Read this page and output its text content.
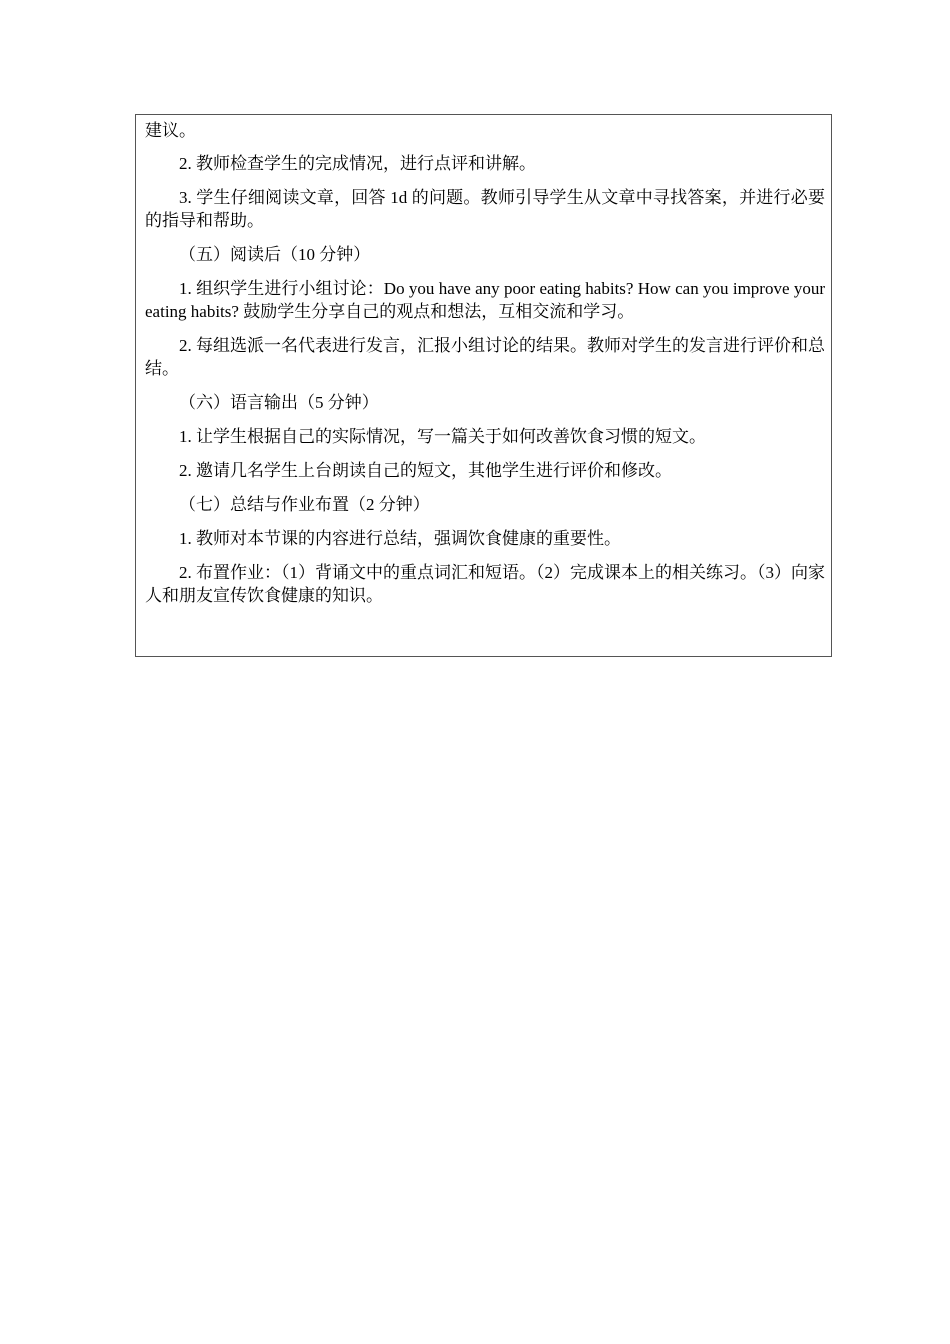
建议。

2. 教师检查学生的完成情况，进行点评和讲解。

3. 学生仔细阅读文章，回答 1d 的问题。教师引导学生从文章中寻找答案，并进行必要的指导和帮助。

（五）阅读后（10 分钟）

1. 组织学生进行小组讨论：Do you have any poor eating habits? How can you improve your eating habits? 鼓励学生分享自己的观点和想法，互相交流和学习。

2. 每组选派一名代表进行发言，汇报小组讨论的结果。教师对学生的发言进行评价和总结。

（六）语言输出（5 分钟）

1. 让学生根据自己的实际情况，写一篇关于如何改善饮食习惯的短文。

2. 邀请几名学生上台朗读自己的短文，其他学生进行评价和修改。

（七）总结与作业布置（2 分钟）

1. 教师对本节课的内容进行总结，强调饮食健康的重要性。

2. 布置作业：（1）背诵文中的重点词汇和短语。（2）完成课本上的相关练习。（3）向家人和朋友宣传饮食健康的知识。
